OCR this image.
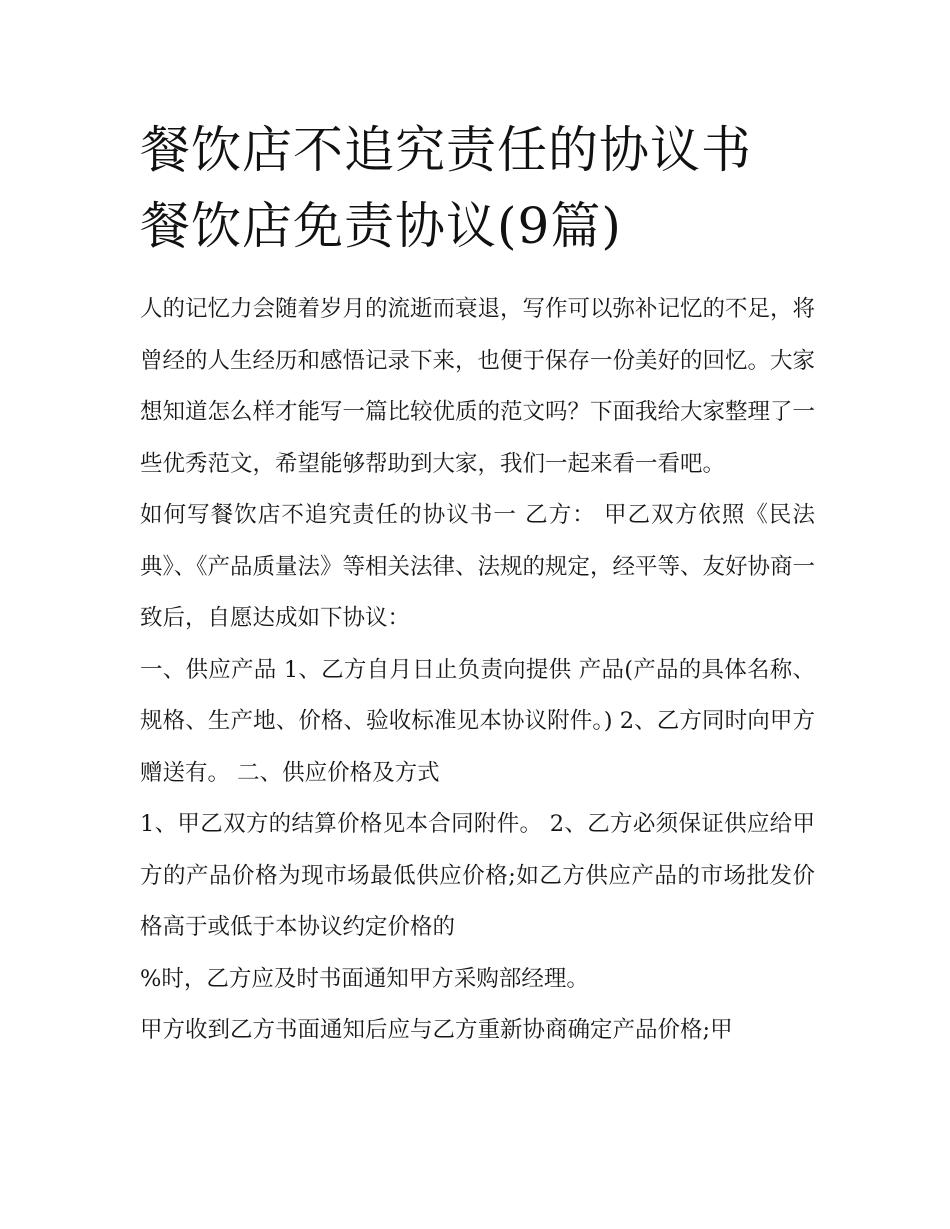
餐饮店不追究责任的协议书 餐饮店免责协议(9篇)

人的记忆力会随着岁月的流逝而衰退，写作可以弥补记忆的不足，将曾经的人生经历和感悟记录下来，也便于保存一份美好的回忆。大家想知道怎么样才能写一篇比较优质的范文吗？下面我给大家整理了一些优秀范文，希望能够帮助到大家，我们一起来看一看吧。

如何写餐饮店不追究责任的协议书一 乙方： 甲乙双方依照《民法典》、《产品质量法》等相关法律、法规的规定，经平等、友好协商一致后，自愿达成如下协议：

一、供应产品 1、乙方自月日止负责向提供 产品(产品的具体名称、规格、生产地、价格、验收标准见本协议附件。) 2、乙方同时向甲方赠送有。 二、供应价格及方式

1、甲乙双方的结算价格见本合同附件。 2、乙方必须保证供应给甲方的产品价格为现市场最低供应价格;如乙方供应产品的市场批发价格高于或低于本协议约定价格的

%时，乙方应及时书面通知甲方采购部经理。

甲方收到乙方书面通知后应与乙方重新协商确定产品价格;甲
